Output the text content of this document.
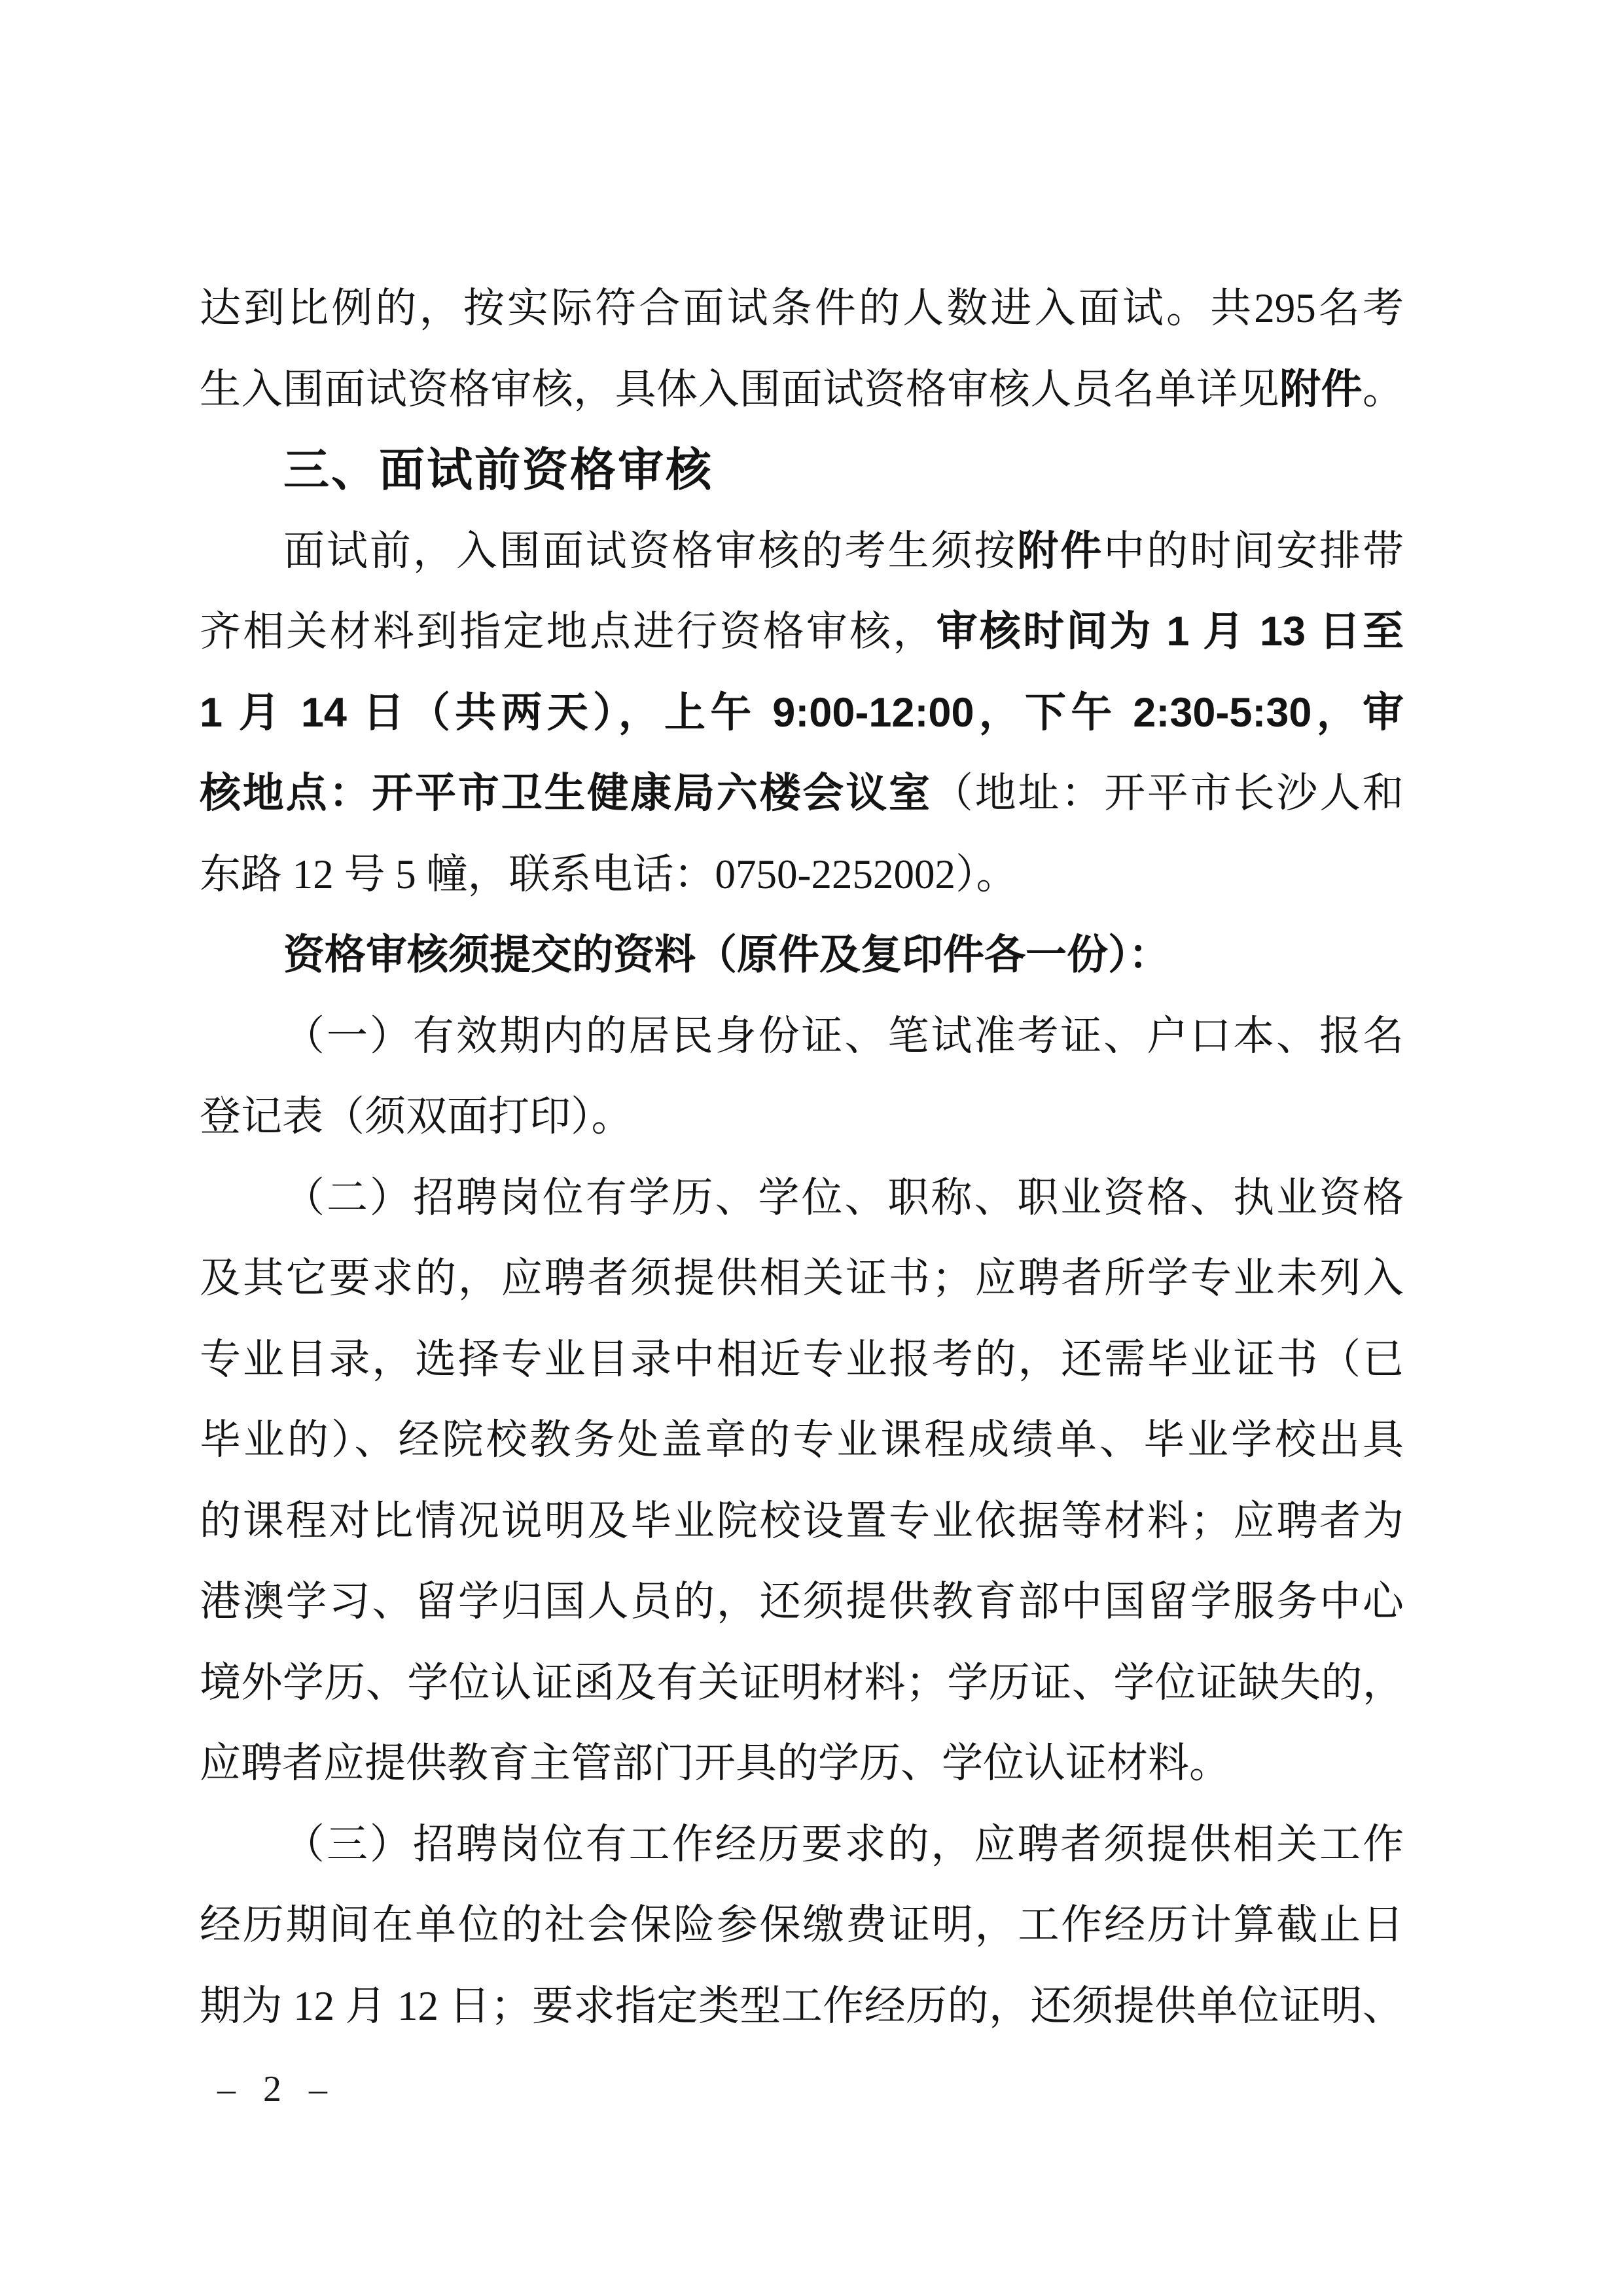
达到比例的，按实际符合面试条件的人数进入面试。共295名考
生入围面试资格审核，具体入围面试资格审核人员名单详见附件。
三、面试前资格审核
面试前，入围面试资格审核的考生须按附件中的时间安排带
齐相关材料到指定地点进行资格审核，审核时间为 1 月 13 日至
1 月 14 日（共两天），上午 9:00-12:00，下午 2:30-5:30，审
核地点：开平市卫生健康局六楼会议室（地址：开平市长沙人和
东路 12 号 5 幢，联系电话：0750-2252002）。
资格审核须提交的资料（原件及复印件各一份）：
（一）有效期内的居民身份证、笔试准考证、户口本、报名
登记表（须双面打印）。
（二）招聘岗位有学历、学位、职称、职业资格、执业资格
及其它要求的，应聘者须提供相关证书；应聘者所学专业未列入
专业目录，选择专业目录中相近专业报考的，还需毕业证书（已
毕业的）、经院校教务处盖章的专业课程成绩单、毕业学校出具
的课程对比情况说明及毕业院校设置专业依据等材料；应聘者为
港澳学习、留学归国人员的，还须提供教育部中国留学服务中心
境外学历、学位认证函及有关证明材料；学历证、学位证缺失的，
应聘者应提供教育主管部门开具的学历、学位认证材料。
（三）招聘岗位有工作经历要求的，应聘者须提供相关工作
经历期间在单位的社会保险参保缴费证明，工作经历计算截止日
期为 12 月 12 日；要求指定类型工作经历的，还须提供单位证明、
– 2 –
